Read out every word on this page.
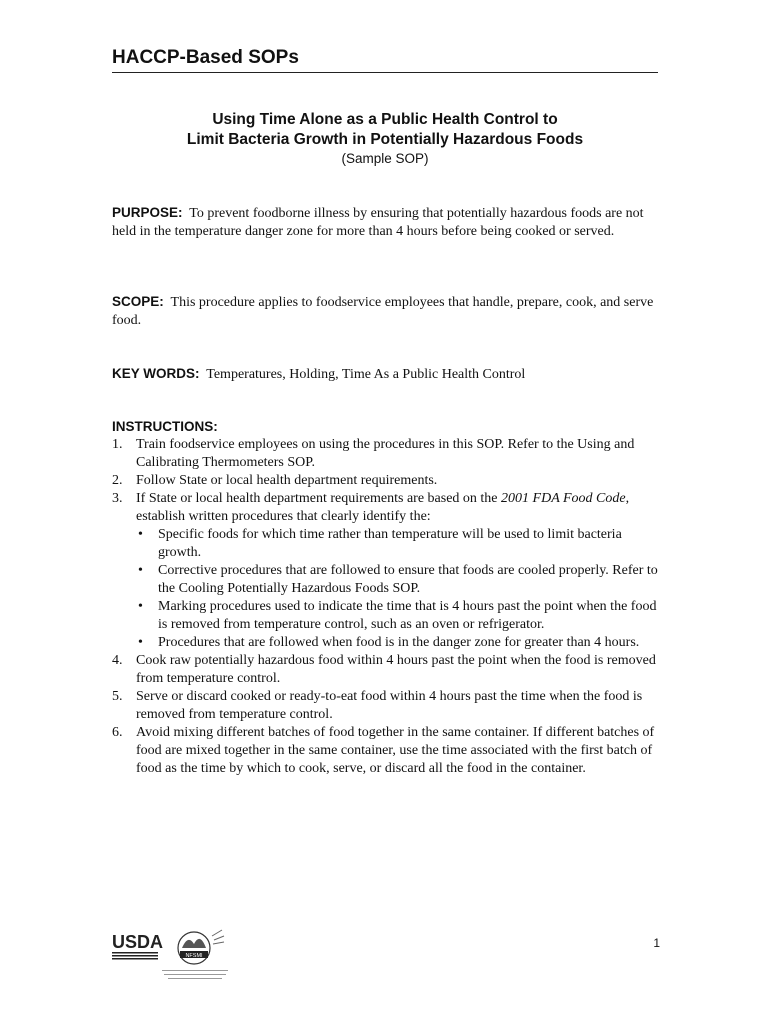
HACCP-Based SOPs
Using Time Alone as a Public Health Control to
Limit Bacteria Growth in Potentially Hazardous Foods
(Sample SOP)
PURPOSE: To prevent foodborne illness by ensuring that potentially hazardous foods are not held in the temperature danger zone for more than 4 hours before being cooked or served.
SCOPE: This procedure applies to foodservice employees that handle, prepare, cook, and serve food.
KEY WORDS: Temperatures, Holding, Time As a Public Health Control
INSTRUCTIONS:
1. Train foodservice employees on using the procedures in this SOP. Refer to the Using and Calibrating Thermometers SOP.
2. Follow State or local health department requirements.
3. If State or local health department requirements are based on the 2001 FDA Food Code, establish written procedures that clearly identify the:
• Specific foods for which time rather than temperature will be used to limit bacteria growth.
• Corrective procedures that are followed to ensure that foods are cooled properly. Refer to the Cooling Potentially Hazardous Foods SOP.
• Marking procedures used to indicate the time that is 4 hours past the point when the food is removed from temperature control, such as an oven or refrigerator.
• Procedures that are followed when food is in the danger zone for greater than 4 hours.
4. Cook raw potentially hazardous food within 4 hours past the point when the food is removed from temperature control.
5. Serve or discard cooked or ready-to-eat food within 4 hours past the time when the food is removed from temperature control.
6. Avoid mixing different batches of food together in the same container. If different batches of food are mixed together in the same container, use the time associated with the first batch of food as the time by which to cook, serve, or discard all the food in the container.
USDA
NFSMI
1
